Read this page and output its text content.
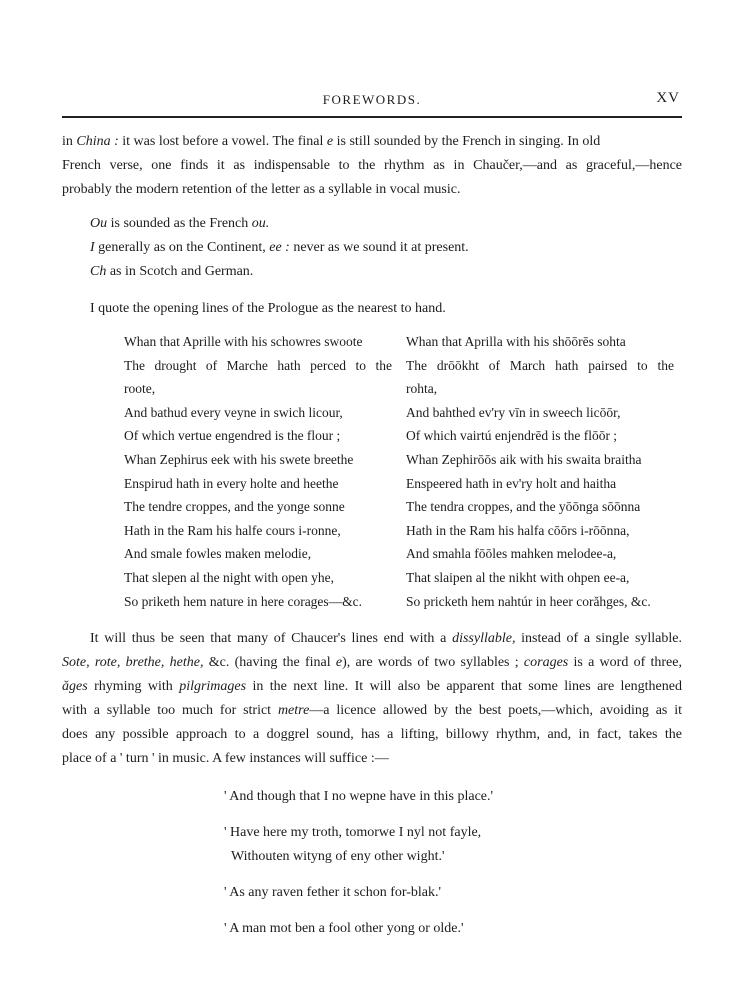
FOREWORDS.	XV
in China : it was lost before a vowel. The final e is still sounded by the French in singing. In old
French verse, one finds it as indispensable to the rhythm as in Chaučer,—and as graceful,—hence
probably the modern retention of the letter as a syllable in vocal music.
Ou is sounded as the French ou.
I generally as on the Continent, ee : never as we sound it at present.
Ch as in Scotch and German.
I quote the opening lines of the Prologue as the nearest to hand.
Whan that Aprille with his schowres swoote
The drought of Marche hath perced to the
roote,
And bathud every veyne in swich licour,
Of which vertue engendred is the flour ;
Whan Zephirus eek with his swete breethe
Enspirud hath in every holte and heethe
The tendre croppes, and the yonge sonne
Hath in the Ram his halfe cours i-ronne,
And smale fowles maken melodie,
That slepen al the night with open yhe,
So priketh hem nature in here corages—&c.
Whan that Aprilla with his shōōrēs sohta
The drōōkht of March hath pairsed to the
rohta,
And bahthed ev'ry vīn in sweech licōōr,
Of which vairtú enjendrēd is the flōōr ;
Whan Zephirōōs aik with his swaita braitha
Enspeered hath in ev'ry holt and haitha
The tendra croppes, and the yōōnga sōōnna
Hath in the Ram his halfa cōōrs i-rōōnna,
And smahla fōōles mahken melodee-a,
That slaipen al the nikht with ohpen ee-a,
So pricketh hem nahtúr in heer corăhges, &c.
It will thus be seen that many of Chaucer's lines end with a dissyllable, instead of a single syllable.
Sote, rote, brethe, hethe, &c. (having the final e), are words of two syllables ; corages is a word of three,
ăges rhyming with pilgrimages in the next line. It will also be apparent that some lines are lengthened
with a syllable too much for strict metre—a licence allowed by the best poets,—which, avoiding as it
does any possible approach to a doggrel sound, has a lifting, billowy rhythm, and, in fact, takes the
place of a ' turn ' in music. A few instances will suffice :—
' And though that I no wepne have in this place.'
' Have here my troth, tomorwe I nyl not fayle,
Withouten wityng of eny other wight.'
' As any raven fether it schon for-blak.'
' A man mot ben a fool other yong or olde.'
